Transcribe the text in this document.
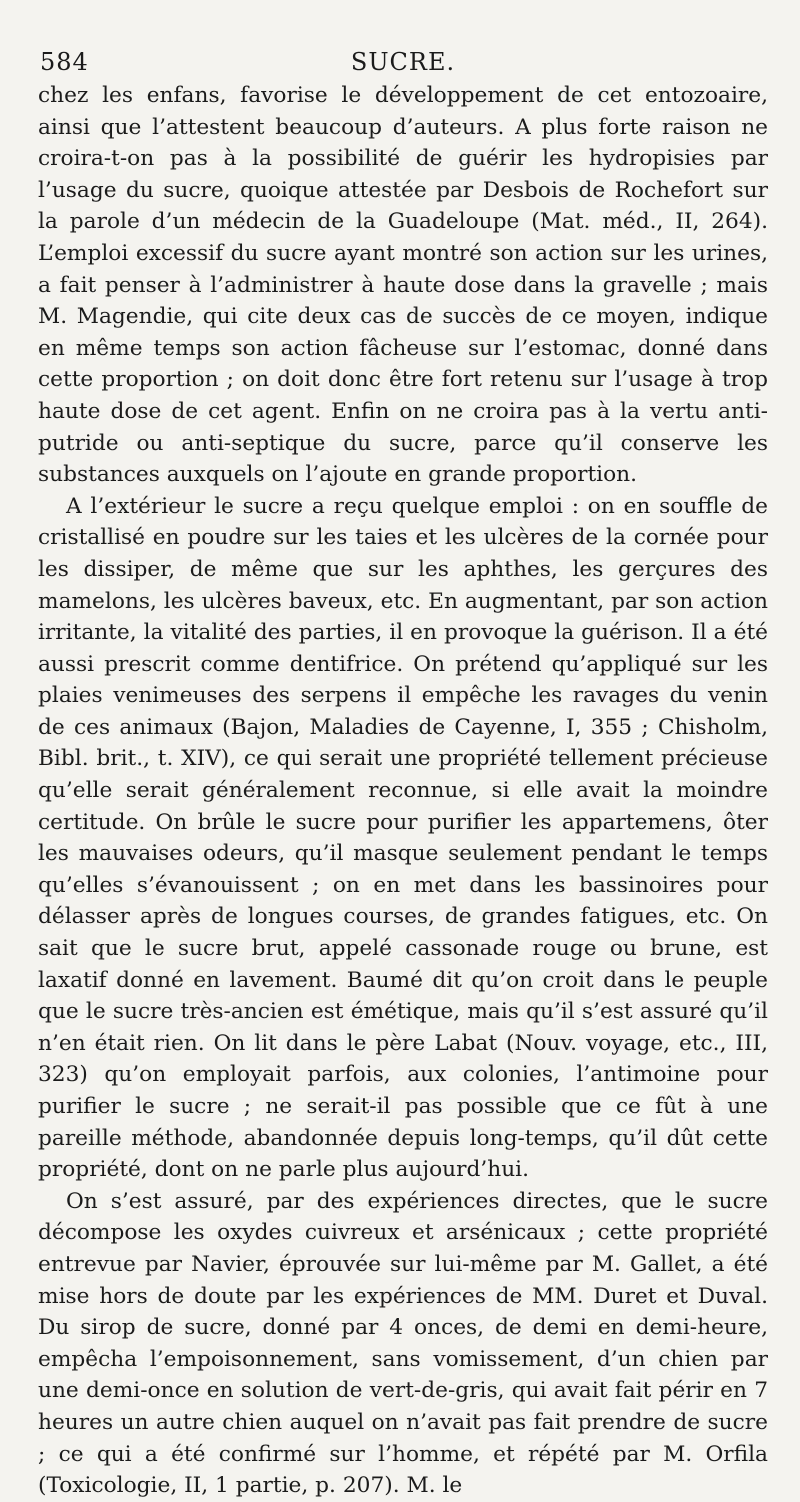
584	SUCRE.

chez les enfans, favorise le développement de cet entozoaire, ainsi que l’attestent beaucoup d’auteurs. A plus forte raison ne croira-t-on pas à la possibilité de guérir les hydropisies par l’usage du sucre, quoique attestée par Desbois de Rochefort sur la parole d’un médecin de la Guadeloupe (Mat. méd., II, 264). L’emploi excessif du sucre ayant montré son action sur les urines, a fait penser à l’administrer à haute dose dans la gravelle ; mais M. Magendie, qui cite deux cas de succès de ce moyen, indique en même temps son action fâcheuse sur l’estomac, donné dans cette proportion ; on doit donc être fort retenu sur l’usage à trop haute dose de cet agent. Enfin on ne croira pas à la vertu anti-putride ou anti-septique du sucre, parce qu’il conserve les substances auxquels on l’ajoute en grande proportion.

A l’extérieur le sucre a reçu quelque emploi : on en souffle de cristallisé en poudre sur les taies et les ulcères de la cornée pour les dissiper, de même que sur les aphthes, les gerçures des mamelons, les ulcères baveux, etc. En augmentant, par son action irritante, la vitalité des parties, il en provoque la guérison. Il a été aussi prescrit comme dentifrice. On prétend qu’appliqué sur les plaies venimeuses des serpens il empêche les ravages du venin de ces animaux (Bajon, Maladies de Cayenne, I, 355 ; Chisholm, Bibl. brit., t. XIV), ce qui serait une propriété tellement précieuse qu’elle serait généralement reconnue, si elle avait la moindre certitude. On brûle le sucre pour purifier les appartemens, ôter les mauvaises odeurs, qu’il masque seulement pendant le temps qu’elles s’évanouissent ; on en met dans les bassinoires pour délasser après de longues courses, de grandes fatigues, etc. On sait que le sucre brut, appelé cassonade rouge ou brune, est laxatif donné en lavement. Baumé dit qu’on croit dans le peuple que le sucre très-ancien est émétique, mais qu’il s’est assuré qu’il n’en était rien. On lit dans le père Labat (Nouv. voyage, etc., III, 323) qu’on employait parfois, aux colonies, l’antimoine pour purifier le sucre ; ne serait-il pas possible que ce fût à une pareille méthode, abandonnée depuis long-temps, qu’il dût cette propriété, dont on ne parle plus aujourd’hui.

On s’est assuré, par des expériences directes, que le sucre décompose les oxydes cuivreux et arsénicaux ; cette propriété entrevue par Navier, éprouvée sur lui-même par M. Gallet, a été mise hors de doute par les expériences de MM. Duret et Duval. Du sirop de sucre, donné par 4 onces, de demi en demi-heure, empêcha l’empoisonnement, sans vomissement, d’un chien par une demi-once en solution de vert-de-gris, qui avait fait périr en 7 heures un autre chien auquel on n’avait pas fait prendre de sucre ; ce qui a été confirmé sur l’homme, et répété par M. Orfila (Toxicologie, II, 1 partie, p. 207). M. le
